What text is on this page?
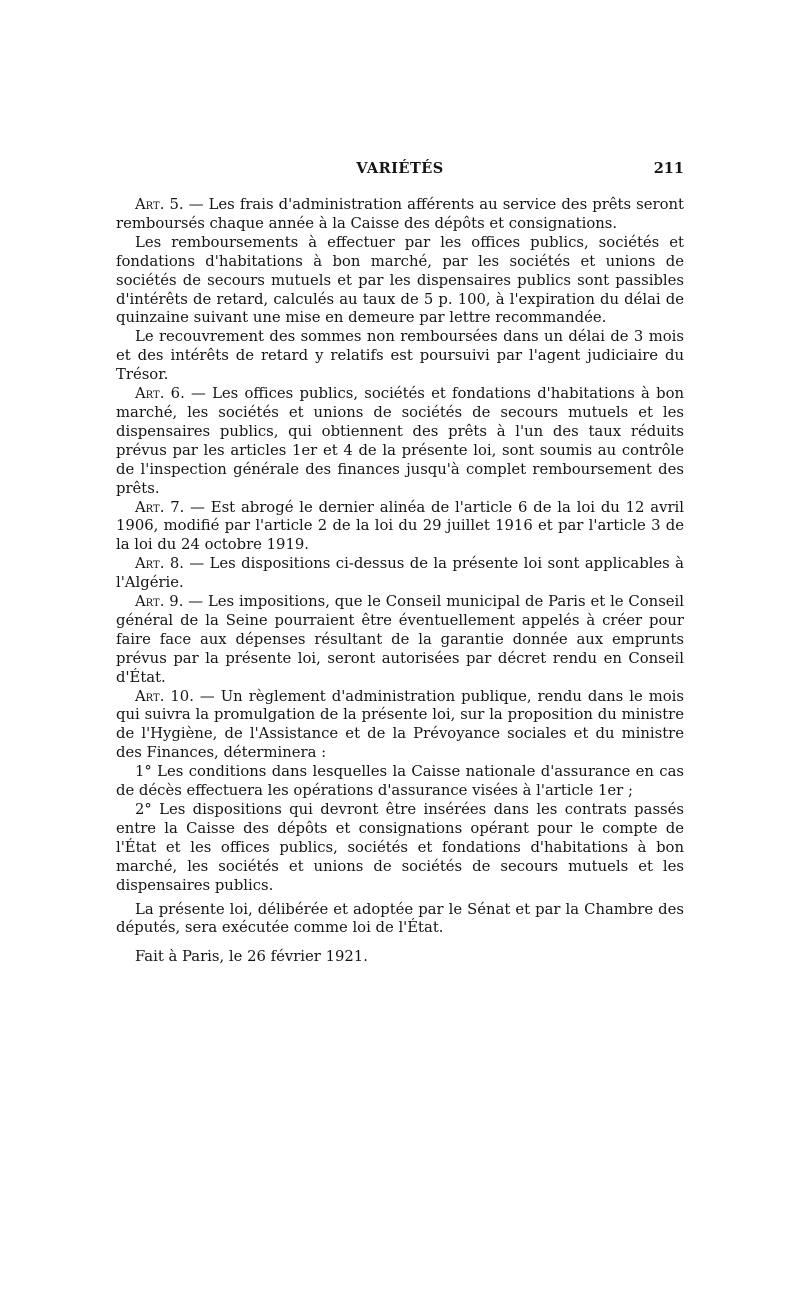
VARIÉTÉS	211

Art. 5. — Les frais d'administration afférents au service des prêts seront remboursés chaque année à la Caisse des dépôts et consignations.

Les remboursements à effectuer par les offices publics, sociétés et fondations d'habitations à bon marché, par les sociétés et unions de sociétés de secours mutuels et par les dispensaires publics sont passibles d'intérêts de retard, calculés au taux de 5 p. 100, à l'expiration du délai de quinzaine suivant une mise en demeure par lettre recommandée.

Le recouvrement des sommes non remboursées dans un délai de 3 mois et des intérêts de retard y relatifs est poursuivi par l'agent judiciaire du Trésor.

Art. 6. — Les offices publics, sociétés et fondations d'habitations à bon marché, les sociétés et unions de sociétés de secours mutuels et les dispensaires publics, qui obtiennent des prêts à l'un des taux réduits prévus par les articles 1er et 4 de la présente loi, sont soumis au contrôle de l'inspection générale des finances jusqu'à complet remboursement des prêts.

Art. 7. — Est abrogé le dernier alinéa de l'article 6 de la loi du 12 avril 1906, modifié par l'article 2 de la loi du 29 juillet 1916 et par l'article 3 de la loi du 24 octobre 1919.

Art. 8. — Les dispositions ci-dessus de la présente loi sont applicables à l'Algérie.

Art. 9. — Les impositions, que le Conseil municipal de Paris et le Conseil général de la Seine pourraient être éventuellement appelés à créer pour faire face aux dépenses résultant de la garantie donnée aux emprunts prévus par la présente loi, seront autorisées par décret rendu en Conseil d'État.

Art. 10. — Un règlement d'administration publique, rendu dans le mois qui suivra la promulgation de la présente loi, sur la proposition du ministre de l'Hygiène, de l'Assistance et de la Prévoyance sociales et du ministre des Finances, déterminera :

1° Les conditions dans lesquelles la Caisse nationale d'assurance en cas de décès effectuera les opérations d'assurance visées à l'article 1er ;

2° Les dispositions qui devront être insérées dans les contrats passés entre la Caisse des dépôts et consignations opérant pour le compte de l'État et les offices publics, sociétés et fondations d'habitations à bon marché, les sociétés et unions de sociétés de secours mutuels et les dispensaires publics.

La présente loi, délibérée et adoptée par le Sénat et par la Chambre des députés, sera exécutée comme loi de l'État.

Fait à Paris, le 26 février 1921.
